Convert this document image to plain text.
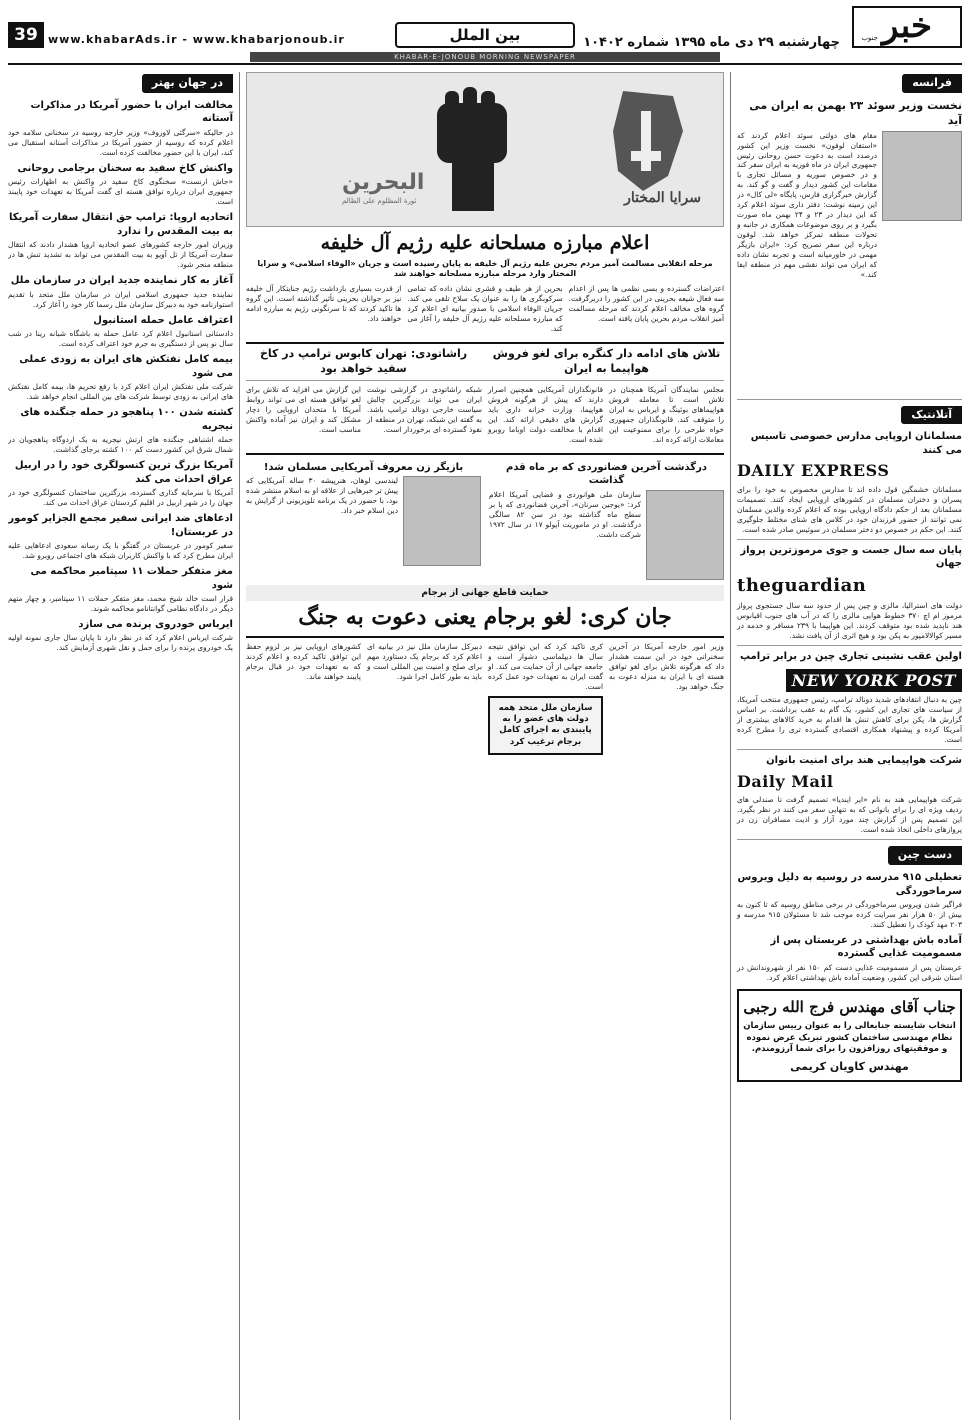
خبر
جنوب
چهارشنبه ۲۹ دی ماه ۱۳۹۵ شماره ۱۰۴۰۲
بین الملل
www.khabarAds.ir - www.khabarjonoub.ir
39
KHABAR-E-JONOUB MORNING NEWSPAPER
فرانسه
نخست وزیر سوئد ۲۳ بهمن به ایران می آید
مقام های دولتی سوئد اعلام کردند که «استفان لوفون» نخست وزیر این کشور درصدد است به دعوت حسن روحانی رئیس جمهوری ایران در ماه فوریه به ایران سفر کند و در خصوص سوریه و مسائل تجاری با مقامات این کشور دیدار و گفت و گو کند. به گزارش خبرگزاری فارس، پایگاه «لی کال» در این زمینه نوشت: دفتر داری سوئد اعلام کرد که این دیدار در ۲۳ و ۲۴ بهمن ماه صورت بگیرد و بر روی موضوعات همکاری در جانبه و تحولات منطقه تمرکز خواهد شد. لوفون درباره این سفر تصریح کرد: «ایران بازیگر مهمی در خاورمیانه است و تجربه نشان داده که ایران می تواند نقشی مهم در منطقه ایفا کند.»
آتلانتیک
مسلمانان اروپایی مدارس خصوصی تاسیس می کنند
DAILY EXPRESS
مسلمانان خشمگین قول داده اند تا مدارس مخصوص به خود را برای پسران و دختران مسلمان در کشورهای اروپایی ایجاد کنند. تصمیمات مسلمانان بعد از حکم دادگاه اروپایی بوده که اعلام کرده والدین مسلمان نمی توانند از حضور فرزندان خود در کلاس های شنای مختلط جلوگیری کنند. این حکم در خصوص دو دختر مسلمان در سوئیس صادر شده است.
پایان سه سال جست و جوی مرموزترین پرواز جهان
theguardian
دولت های استرالیا، مالزی و چین پس از حدود سه سال جستجوی پرواز مرموز ام اچ ۳۷۰ خطوط هوایی مالزی را که در آب های جنوب اقیانوس هند ناپدید شده بود متوقف کردند. این هواپیما با ۲۳۹ مسافر و خدمه در مسیر کوالالامپور به پکن بود و هیچ اثری از آن یافت نشد.
اولین عقب نشینی تجاری چین در برابر ترامپ
NEW YORK POST
چین به دنبال انتقادهای شدید دونالد ترامپ، رئیس جمهوری منتخب آمریکا، از سیاست های تجاری این کشور، یک گام به عقب برداشت. بر اساس گزارش ها، پکن برای کاهش تنش ها اقدام به خرید کالاهای بیشتری از آمریکا کرده و پیشنهاد همکاری اقتصادی گسترده تری را مطرح کرده است.
شرکت هواپیمایی هند برای امنیت بانوان
Daily Mail
شرکت هواپیمایی هند به نام «ایر ایندیا» تصمیم گرفت تا صندلی های ردیف ویژه ای را برای بانوانی که به تنهایی سفر می کنند در نظر بگیرد. این تصمیم پس از گزارش چند مورد آزار و اذیت مسافران زن در پروازهای داخلی اتخاذ شده است.
دست چین
تعطیلی ۹۱۵ مدرسه در روسیه به دلیل ویروس سرماخوردگی
فراگیر شدن ویروس سرماخوردگی در برخی مناطق روسیه که تا کنون به بیش از ۵۰ هزار نفر سرایت کرده موجب شد تا مسئولان ۹۱۵ مدرسه و ۲۰۳ مهد کودک را تعطیل کنند.
آماده باش بهداشتی در عربستان پس از مسمومیت غذایی گسترده
عربستان پس از مسمومیت غذایی دست کم ۱۵۰ نفر از شهروندانش در استان شرقی این کشور، وضعیت آماده باش بهداشتی اعلام کرد.
جناب آقای مهندس فرج الله رجبی
انتخاب شایسته جنابعالی را به عنوان رییس سازمان نظام مهندسی ساختمان کشور تبریک عرض نموده و موفقیتهای روزافزون را برای شما آرزومندم.
مهندس کاویان کریمی
البحرين
ثورة المظلوم على الظالم	سرایا المختار
اعلام مبارزه مسلحانه علیه رژیم آل خلیفه
مرحله انقلابی مسالمت آمیز مردم بحرین علیه رژیم آل خلیفه به پایان رسیده است و جریان «الوفاء اسلامی» و سرایا المختار وارد مرحله مبارزه مسلحانه خواهند شد
اعتراضات گسترده و بسی نظمی ها پس از اعدام سه فعال شیعه بحرینی در این کشور را دربرگرفت. گروه های مخالف اعلام کردند که مرحله مسالمت آمیز انقلاب مردم بحرین پایان یافته است.
بحرین از هر طیف و قشری نشان داده که تمامی سرکوبگری ها را به عنوان یک سلاح تلقی می کند. جریان الوفاء اسلامی با صدور بیانیه ای اعلام کرد که مبارزه مسلحانه علیه رژیم آل خلیفه را آغاز می کند.
از قدرت بسیاری بازداشت رژیم جنایتکار آل خلیفه نیز بر جوانان بحرینی تأثیر گذاشته است. این گروه ها تاکید کردند که تا سرنگونی رژیم به مبارزه ادامه خواهند داد.
تلاش های ادامه دار کنگره برای لغو فروش هواپیما به ایران
راشاتودی: تهران کابوس ترامپ در کاخ سفید خواهد بود
مجلس نمایندگان آمریکا همچنان در تلاش است تا معامله فروش هواپیماهای بوئینگ و ایرباس به ایران را متوقف کند. قانونگذاران جمهوری خواه طرحی را برای ممنوعیت این معاملات ارائه کرده اند.
قانونگذاران آمریکایی همچنین اصرار دارند که پیش از هرگونه فروش هواپیما، وزارت خزانه داری باید گزارش های دقیقی ارائه کند. این اقدام با مخالفت دولت اوباما روبرو شده است.
شبکه راشاتودی در گزارشی نوشت ایران می تواند بزرگترین چالش سیاست خارجی دونالد ترامپ باشد. به گفته این شبکه، تهران در منطقه از نفوذ گسترده ای برخوردار است.
این گزارش می افزاید که تلاش برای لغو توافق هسته ای می تواند روابط آمریکا با متحدان اروپایی را دچار مشکل کند و ایران نیز آماده واکنش مناسب است.
درگذشت آخرین فضانوردی که بر ماه قدم گذاشت
سازمان ملی هوانوردی و فضایی آمریکا اعلام کرد: «یوجین سرنان»، آخرین فضانوردی که پا بر سطح ماه گذاشته بود در سن ۸۲ سالگی درگذشت. او در ماموریت آپولو ۱۷ در سال ۱۹۷۲ شرکت داشت.
بازیگر زن معروف آمریکایی مسلمان شد!
لیندسی لوهان، هنرپیشه ۳۰ ساله آمریکایی که پیش تر خبرهایی از علاقه او به اسلام منتشر شده بود، با حضور در یک برنامه تلویزیونی از گرایش به دین اسلام خبر داد.
حمایت قاطع جهانی از برجام
جان کری: لغو برجام یعنی دعوت به جنگ
وزیر امور خارجه آمریکا در آخرین سخنرانی خود در این سمت هشدار داد که هرگونه تلاش برای لغو توافق هسته ای با ایران به منزله دعوت به جنگ خواهد بود.
کری تاکید کرد که این توافق نتیجه سال ها دیپلماسی دشوار است و جامعه جهانی از آن حمایت می کند. او گفت ایران به تعهدات خود عمل کرده است.
سازمان ملل متحد همه دولت های عضو را به پایبندی به اجرای کامل برجام ترغیب کرد
دبیرکل سازمان ملل نیز در بیانیه ای اعلام کرد که برجام یک دستاورد مهم برای صلح و امنیت بین المللی است و باید به طور کامل اجرا شود.
کشورهای اروپایی نیز بر لزوم حفظ این توافق تاکید کرده و اعلام کردند که به تعهدات خود در قبال برجام پایبند خواهند ماند.
در جهان بهتر
مخالفت ایران با حضور آمریکا در مذاکرات آستانه
در حالیکه «سرگئی لاوروف» وزیر خارجه روسیه در سخنانی سلامه خود اعلام کرده که روسیه از حضور آمریکا در مذاکرات آستانه استقبال می کند، ایران با این حضور مخالفت کرده است.
واکنش کاخ سفید به سخنان برجامی روحانی
«جاش ارنست» سخنگوی کاخ سفید در واکنش به اظهارات رئیس جمهوری ایران درباره توافق هسته ای گفت آمریکا به تعهدات خود پایبند است.
اتحادیه اروپا: ترامپ حق انتقال سفارت آمریکا به بیت المقدس را ندارد
وزیران امور خارجه کشورهای عضو اتحادیه اروپا هشدار دادند که انتقال سفارت آمریکا از تل آویو به بیت المقدس می تواند به تشدید تنش ها در منطقه منجر شود.
آغاز به کار نماینده جدید ایران در سازمان ملل
نماینده جدید جمهوری اسلامی ایران در سازمان ملل متحد با تقدیم استوارنامه خود به دبیرکل سازمان ملل رسما کار خود را آغاز کرد.
اعتراف عامل حمله استانبول
دادستانی استانبول اعلام کرد عامل حمله به باشگاه شبانه رینا در شب سال نو پس از دستگیری به جرم خود اعتراف کرده است.
بیمه کامل نفتکش های ایران به زودی عملی می شود
شرکت ملی نفتکش ایران اعلام کرد با رفع تحریم ها، بیمه کامل نفتکش های ایرانی به زودی توسط شرکت های بین المللی انجام خواهد شد.
کشته شدن ۱۰۰ پناهجو در حمله جنگنده های نیجریه
حمله اشتباهی جنگنده های ارتش نیجریه به یک اردوگاه پناهجویان در شمال شرق این کشور دست کم ۱۰۰ کشته برجای گذاشت.
آمریکا بزرگ ترین کنسولگری خود را در اربیل عراق احداث می کند
آمریکا با سرمایه گذاری گسترده، بزرگترین ساختمان کنسولگری خود در جهان را در شهر اربیل در اقلیم کردستان عراق احداث می کند.
ادعاهای ضد ایرانی سفیر مجمع الجزایر کومور در عربستان!
سفیر کومور در عربستان در گفتگو با یک رسانه سعودی ادعاهایی علیه ایران مطرح کرد که با واکنش کاربران شبکه های اجتماعی روبرو شد.
مغز متفکر حملات ۱۱ سپتامبر محاکمه می شود
قرار است خالد شیخ محمد، مغز متفکر حملات ۱۱ سپتامبر، و چهار متهم دیگر در دادگاه نظامی گوانتانامو محاکمه شوند.
ایرباس خودروی پرنده می سازد
شرکت ایرباس اعلام کرد که در نظر دارد تا پایان سال جاری نمونه اولیه یک خودروی پرنده را برای حمل و نقل شهری آزمایش کند.
